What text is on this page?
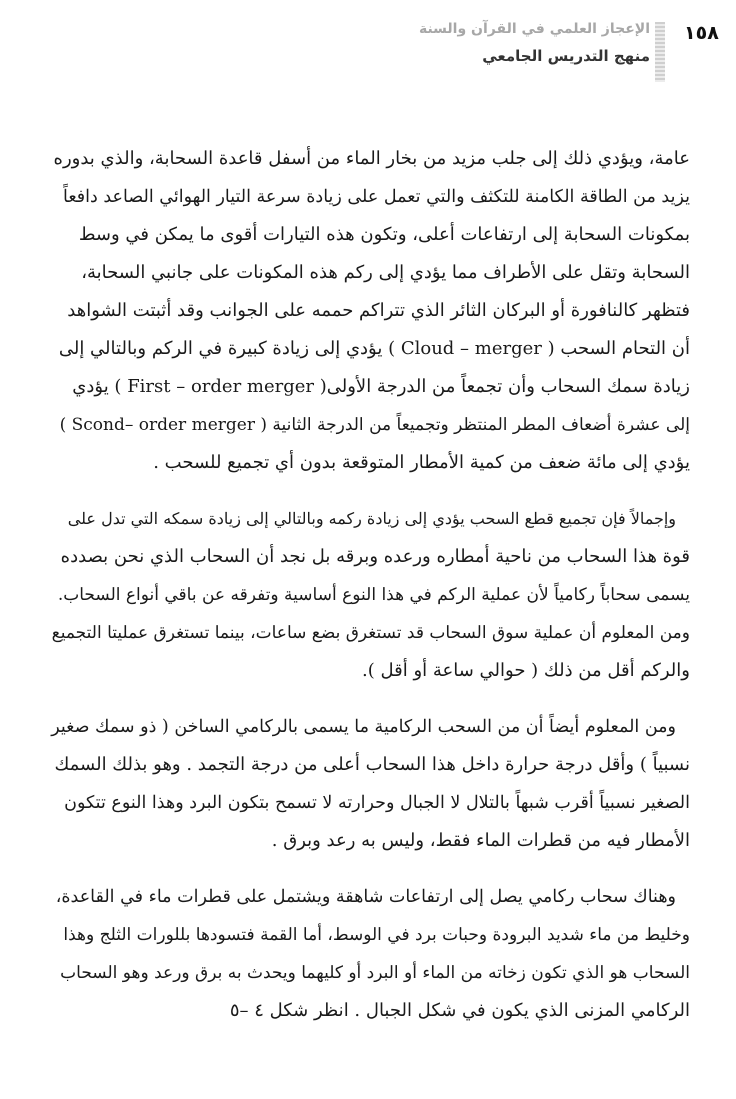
١٥٨

الإعجاز العلمي في القرآن والسنة

منهج التدريس الجامعي

عامة، ويؤدي ذلك إلى جلب مزيد من بخار الماء من أسفل قاعدة السحابة، والذي بدوره
يزيد من الطاقة الكامنة للتكثف والتي تعمل على زيادة سرعة التيار الهوائي الصاعد دافعاً
بمكونات السحابة إلى ارتفاعات أعلى، وتكون هذه التيارات أقوى ما يمكن في وسط
السحابة وتقل على الأطراف مما يؤدي إلى ركم هذه المكونات على جانبي السحابة،
فتظهر كالنافورة أو البركان الثائر الذي تتراكم حممه على الجوانب وقد أثبتت الشواهد
أن التحام السحب ( Cloud – merger ) يؤدي إلى زيادة كبيرة في الركم وبالتالي إلى
زيادة سمك السحاب وأن تجمعاً من الدرجة الأولى( First – order merger ) يؤدي
إلى عشرة أضعاف المطر المنتظر وتجميعاً من الدرجة الثانية ( Scond– order merger )
يؤدي إلى مائة ضعف من كمية الأمطار المتوقعة بدون أي تجميع للسحب .
وإجمالاً فإن تجميع قطع السحب يؤدي إلى زيادة ركمه وبالتالي إلى زيادة سمكه التي تدل على
قوة هذا السحاب من ناحية أمطاره ورعده وبرقه بل نجد أن السحاب الذي نحن بصدده
يسمى سحاباً ركامياً لأن عملية الركم في هذا النوع أساسية وتفرقه عن باقي أنواع السحاب.
ومن المعلوم أن عملية سوق السحاب قد تستغرق بضع ساعات، بينما تستغرق عمليتا التجميع
والركم أقل من ذلك ( حوالي ساعة أو أقل ).
ومن المعلوم أيضاً أن من السحب الركامية ما يسمى بالركامي الساخن ( ذو سمك صغير
نسبياً ) وأقل درجة حرارة داخل هذا السحاب أعلى من درجة التجمد . وهو بذلك السمك
الصغير نسبياً أقرب شبهاً بالتلال لا الجبال وحرارته لا تسمح بتكون البرد وهذا النوع تتكون
الأمطار فيه من قطرات الماء فقط، وليس به رعد وبرق .
وهناك سحاب ركامي يصل إلى ارتفاعات شاهقة ويشتمل على قطرات ماء في القاعدة،
وخليط من ماء شديد البرودة وحبات برد في الوسط، أما القمة فتسودها بللورات الثلج وهذا
السحاب هو الذي تكون زخاته من الماء أو البرد أو كليهما ويحدث به برق ورعد وهو السحاب
الركامي المزنى الذي يكون في شكل الجبال . انظر شكل ٤ –٥
